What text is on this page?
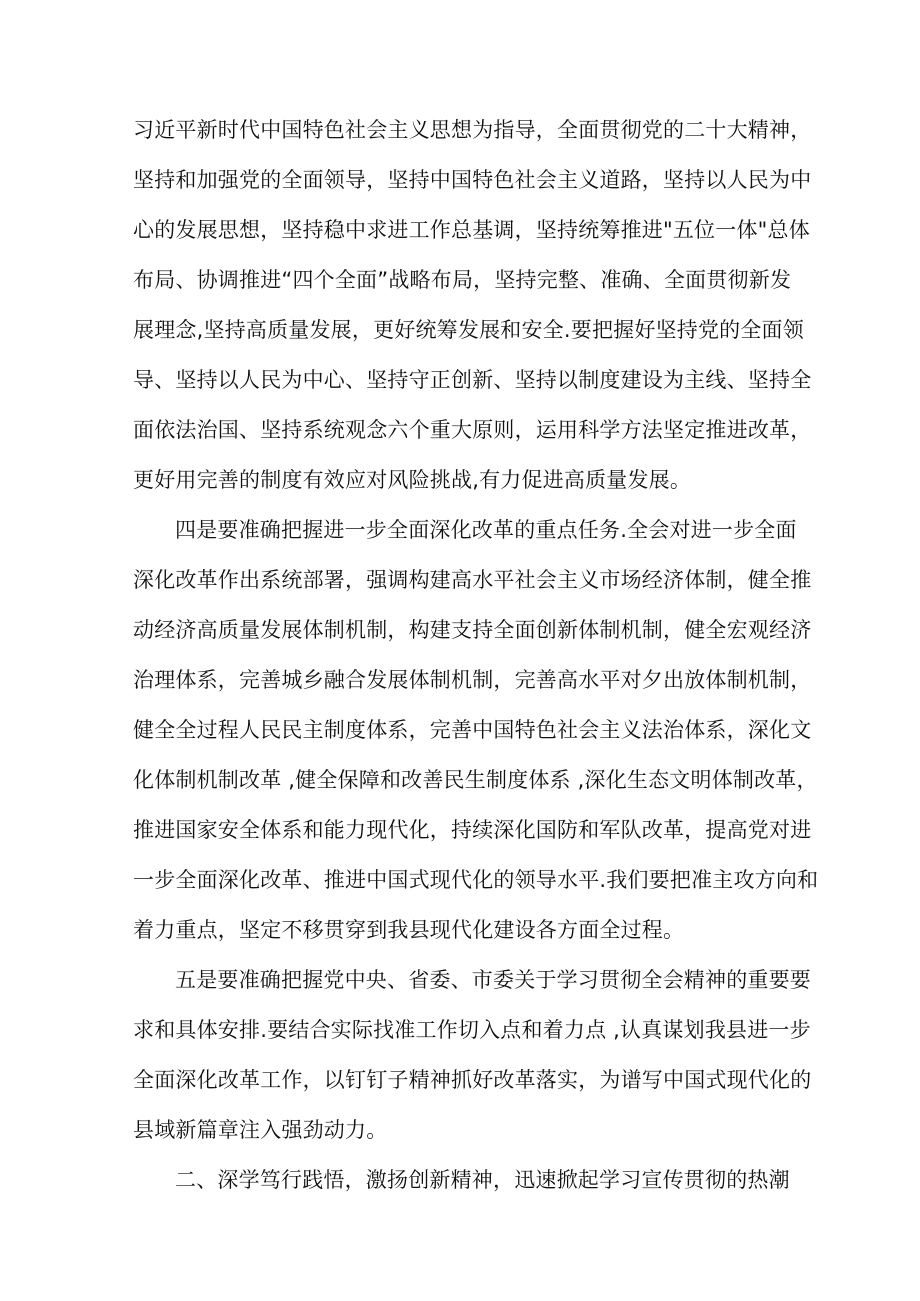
习近平新时代中国特色社会主义思想为指导，全面贯彻党的二十大精神，
坚持和加强党的全面领导，坚持中国特色社会主义道路，坚持以人民为中
心的发展思想，坚持稳中求进工作总基调，坚持统筹推进"五位一体"总体
布局、协调推进“四个全面”战略布局，坚持完整、准确、全面贯彻新发
展理念,坚持高质量发展，更好统筹发展和安全.要把握好坚持党的全面领
导、坚持以人民为中心、坚持守正创新、坚持以制度建设为主线、坚持全
面依法治国、坚持系统观念六个重大原则，运用科学方法坚定推进改革，
更好用完善的制度有效应对风险挑战,有力促进高质量发展。
四是要准确把握进一步全面深化改革的重点任务.全会对进一步全面
深化改革作出系统部署，强调构建高水平社会主义市场经济体制，健全推
动经济高质量发展体制机制，构建支持全面创新体制机制，健全宏观经济
治理体系，完善城乡融合发展体制机制，完善高水平对夕出放体制机制，
健全全过程人民民主制度体系，完善中国特色社会主义法治体系，深化文
化体制机制改革 ,健全保障和改善民生制度体系 ,深化生态文明体制改革，
推进国家安全体系和能力现代化，持续深化国防和军队改革，提高党对进
一步全面深化改革、推进中国式现代化的领导水平.我们要把准主攻方向和
着力重点，坚定不移贯穿到我县现代化建设各方面全过程。
五是要准确把握党中央、省委、市委关于学习贯彻全会精神的重要要
求和具体安排.要结合实际找准工作切入点和着力点 ,认真谋划我县进一步
全面深化改革工作，以钉钉子精神抓好改革落实，为谱写中国式现代化的
县域新篇章注入强劲动力。
二、深学笃行践悟，激扬创新精神，迅速掀起学习宣传贯彻的热潮
